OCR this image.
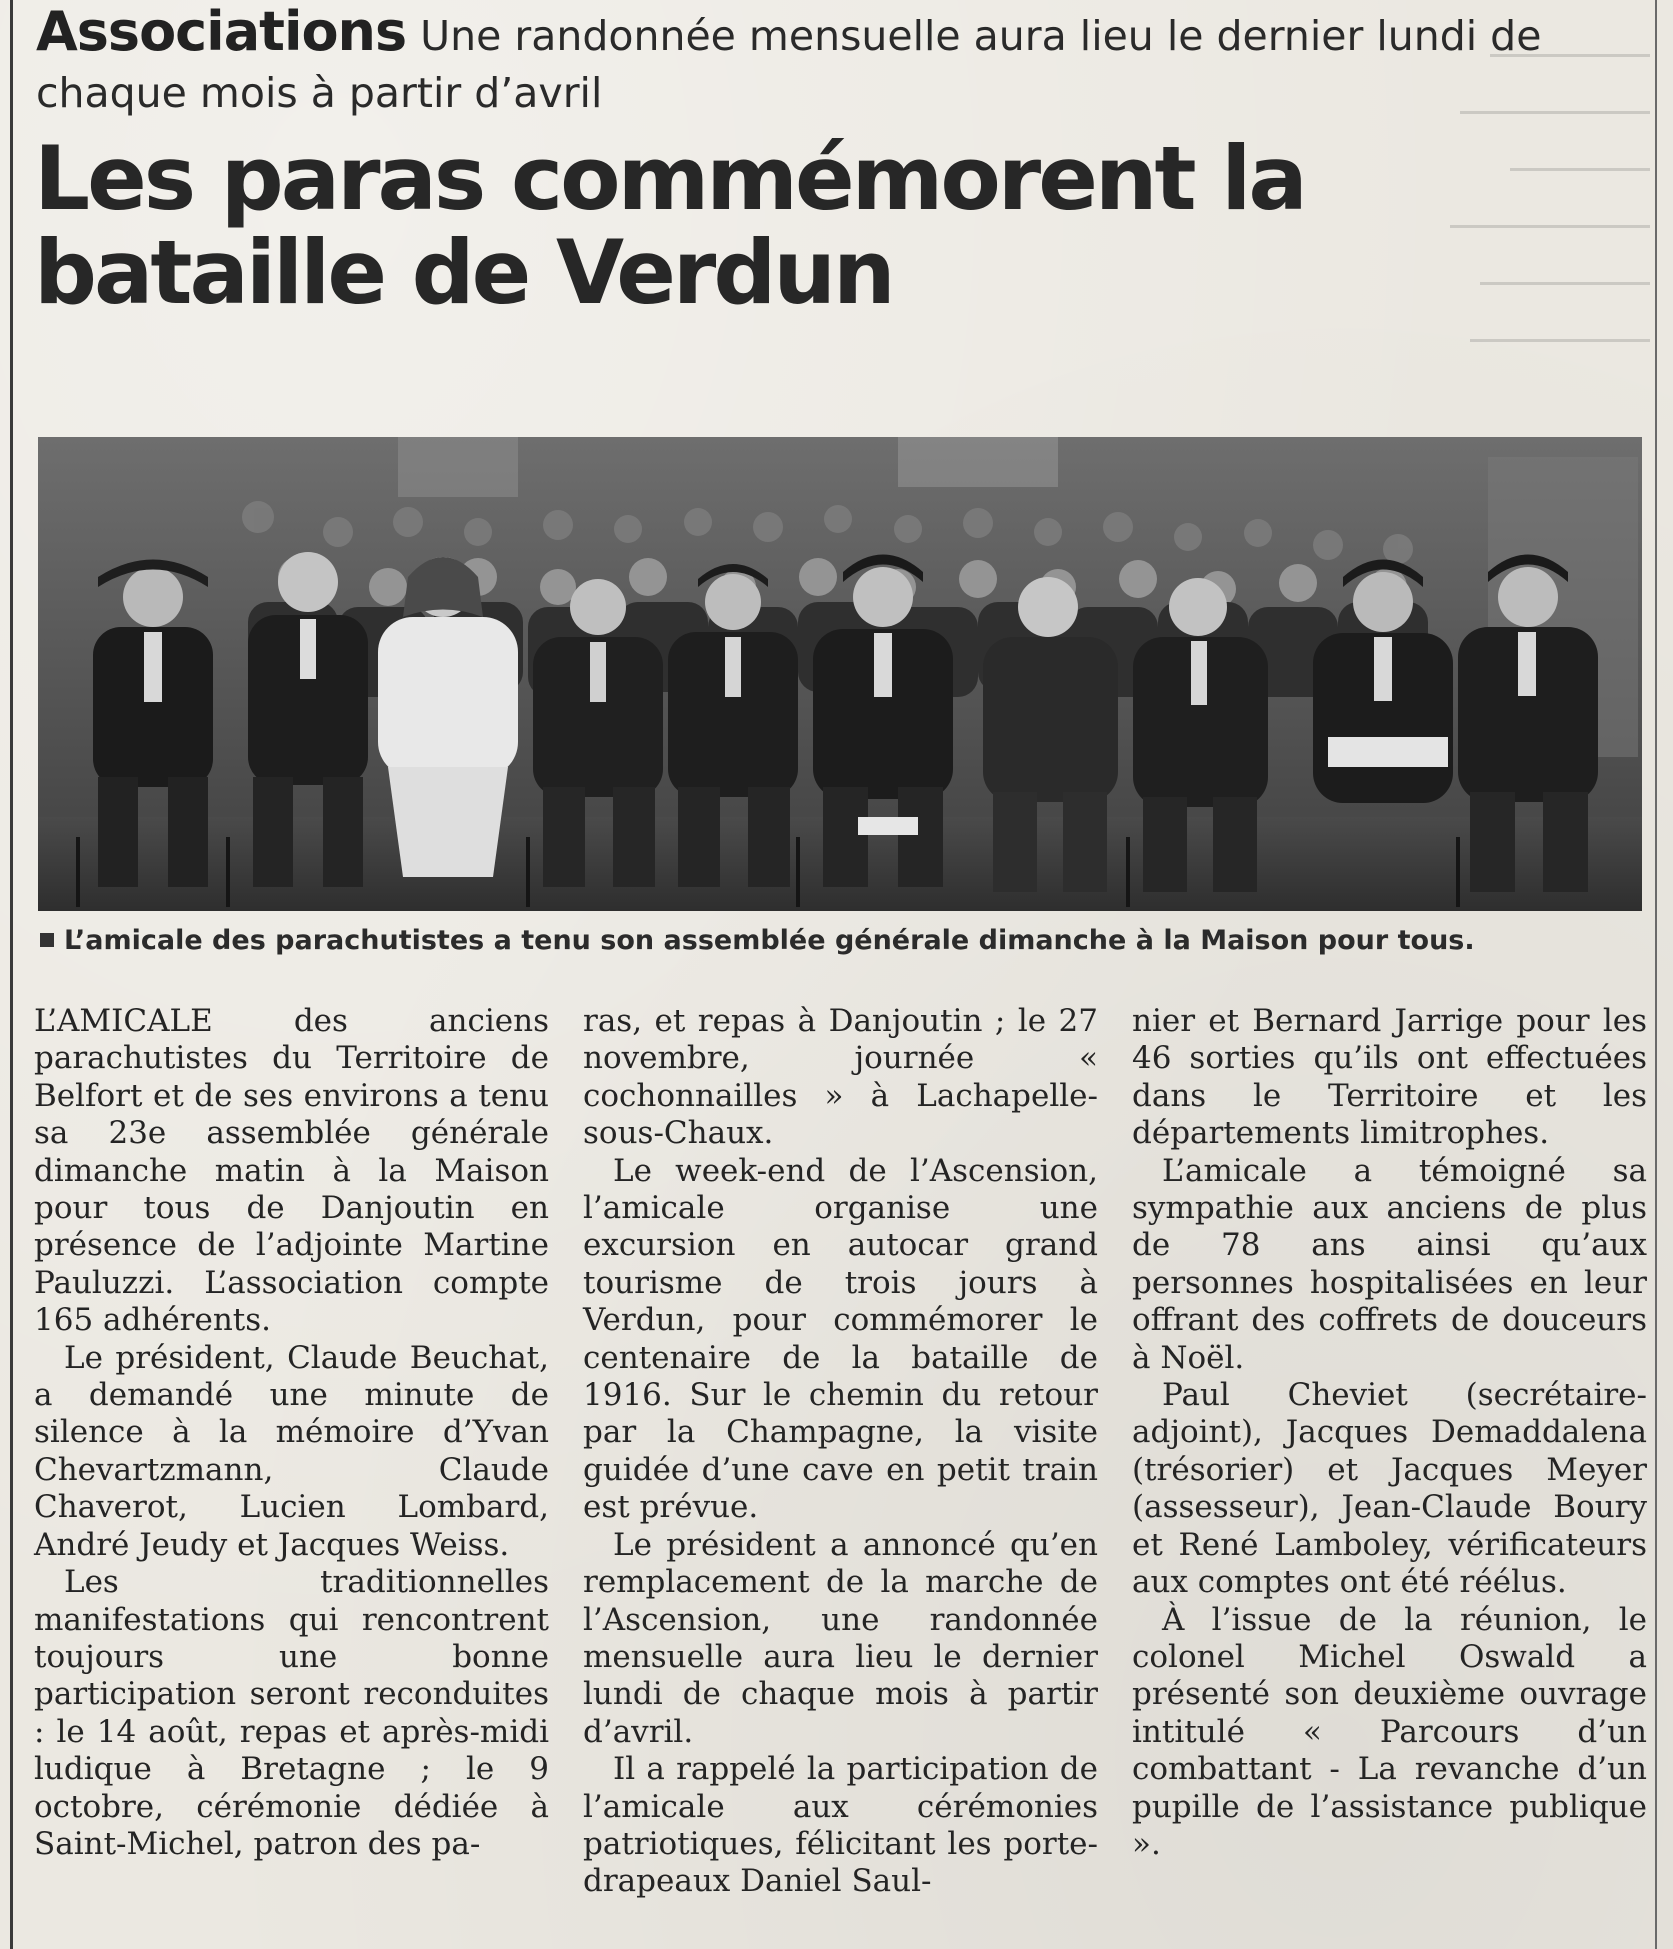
Associations Une randonnée mensuelle aura lieu le dernier lundi de chaque mois à partir d’avril
Les paras commémorent la bataille de Verdun
L’amicale des parachutistes a tenu son assemblée générale dimanche à la Maison pour tous.

L’AMICALE des anciens parachutistes du Territoire de Belfort et de ses environs a tenu sa 23e assemblée générale dimanche matin à la Maison pour tous de Danjoutin en présence de l’adjointe Martine Pauluzzi. L’association compte 165 adhérents.

Le président, Claude Beuchat, a demandé une minute de silence à la mémoire d’Yvan Chevartzmann, Claude Chaverot, Lucien Lombard, André Jeudy et Jacques Weiss.

Les traditionnelles manifestations qui rencontrent toujours une bonne participation seront reconduites : le 14 août, repas et après-midi ludique à Bretagne ; le 9 octobre, cérémonie dédiée à Saint-Michel, patron des pa-

ras, et repas à Danjoutin ; le 27 novembre, journée « cochonnailles » à Lachapelle-sous-Chaux.

Le week-end de l’Ascension, l’amicale organise une excursion en autocar grand tourisme de trois jours à Verdun, pour commémorer le centenaire de la bataille de 1916. Sur le chemin du retour par la Champagne, la visite guidée d’une cave en petit train est prévue.

Le président a annoncé qu’en remplacement de la marche de l’Ascension, une randonnée mensuelle aura lieu le dernier lundi de chaque mois à partir d’avril.

Il a rappelé la participation de l’amicale aux cérémonies patriotiques, félicitant les porte-drapeaux Daniel Saul-

nier et Bernard Jarrige pour les 46 sorties qu’ils ont effectuées dans le Territoire et les départements limitrophes.

L’amicale a témoigné sa sympathie aux anciens de plus de 78 ans ainsi qu’aux personnes hospitalisées en leur offrant des coffrets de douceurs à Noël.

Paul Cheviet (secrétaire-adjoint), Jacques Demaddalena (trésorier) et Jacques Meyer (assesseur), Jean-Claude Boury et René Lamboley, vérificateurs aux comptes ont été réélus.

À l’issue de la réunion, le colonel Michel Oswald a présenté son deuxième ouvrage intitulé « Parcours d’un combattant - La revanche d’un pupille de l’assistance publique ».
